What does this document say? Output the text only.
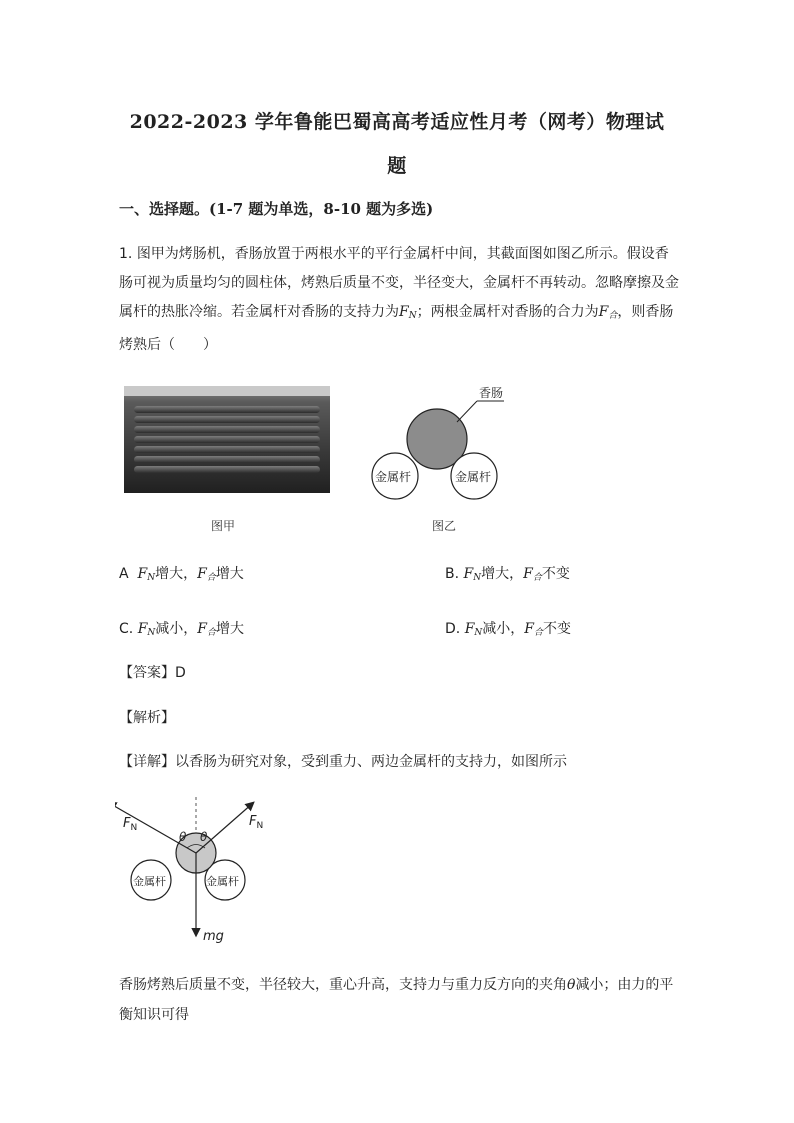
2022-2023 学年鲁能巴蜀高高考适应性月考（网考）物理试
题
一、选择题。(1-7 题为单选，8-10 题为多选)
1. 图甲为烤肠机，香肠放置于两根水平的平行金属杆中间，其截面图如图乙所示。假设香肠可视为质量均匀的圆柱体，烤熟后质量不变，半径变大，金属杆不再转动。忽略摩擦及金属杆的热胀冷缩。若金属杆对香肠的支持力为$F_N$；两根金属杆对香肠的合力为$F_合$，则香肠烤熟后（　　）
图甲
香肠
金属杆	金属杆
图乙
A $F_N$增大，$F_合$增大	B. $F_N$增大，$F_合$不变
C. $F_N$减小，$F_合$增大	D. $F_N$减小，$F_合$不变
【答案】D
【解析】
【详解】以香肠为研究对象，受到重力、两边金属杆的支持力，如图所示
θ θ
$F_N$	$F_N$
金属杆	金属杆
mg
香肠烤熟后质量不变，半径较大，重心升高，支持力与重力反方向的夹角θ减小；由力的平衡知识可得
